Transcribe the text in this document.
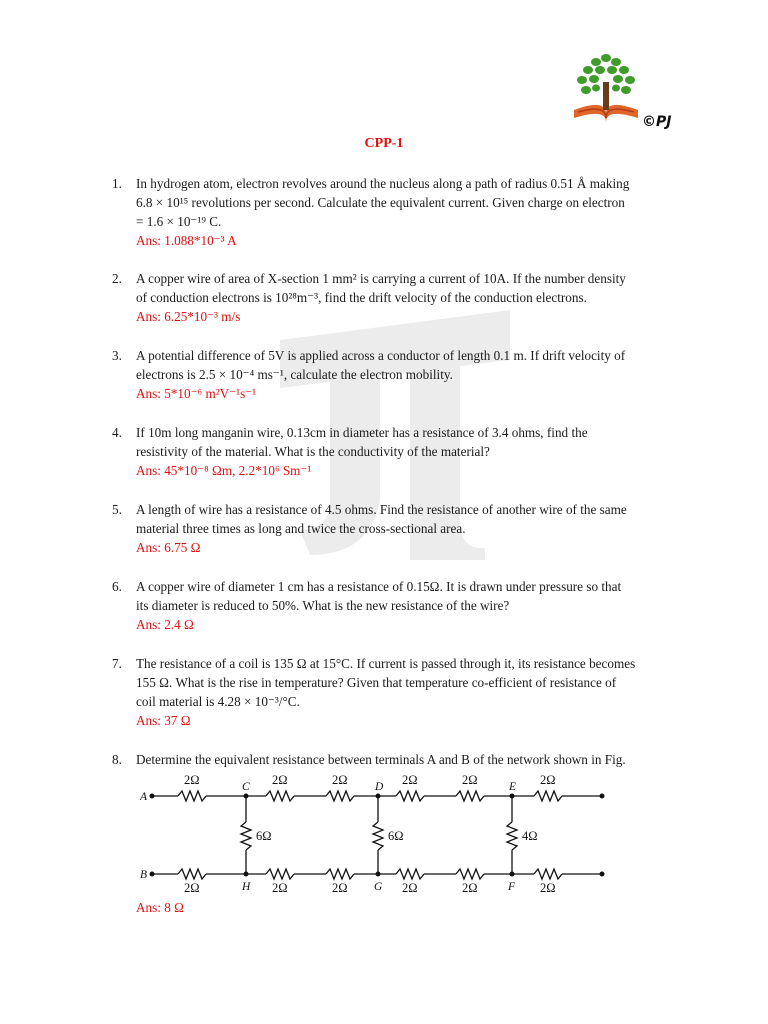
©PJ
CPP-1
1. In hydrogen atom, electron revolves around the nucleus along a path of radius 0.51 Å making
6.8 × 10¹⁵ revolutions per second. Calculate the equivalent current. Given charge on electron
= 1.6 × 10⁻¹⁹ C.
Ans: 1.088*10⁻³ A
2. A copper wire of area of X-section 1 mm² is carrying a current of 10A. If the number density
of conduction electrons is 10²⁸m⁻³, find the drift velocity of the conduction electrons.
Ans: 6.25*10⁻³ m/s
3. A potential difference of 5V is applied across a conductor of length 0.1 m. If drift velocity of
electrons is 2.5 × 10⁻⁴ ms⁻¹, calculate the electron mobility.
Ans: 5*10⁻⁶ m²V⁻¹s⁻¹
4. If 10m long manganin wire, 0.13cm in diameter has a resistance of 3.4 ohms, find the
resistivity of the material. What is the conductivity of the material?
Ans: 45*10⁻⁸ Ωm, 2.2*10⁶ Sm⁻¹
5. A length of wire has a resistance of 4.5 ohms. Find the resistance of another wire of the same
material three times as long and twice the cross-sectional area.
Ans: 6.75 Ω
6. A copper wire of diameter 1 cm has a resistance of 0.15Ω. It is drawn under pressure so that
its diameter is reduced to 50%. What is the new resistance of the wire?
Ans: 2.4 Ω
7. The resistance of a coil is 135 Ω at 15°C. If current is passed through it, its resistance becomes
155 Ω. What is the rise in temperature? Given that temperature co-efficient of resistance of
coil material is 4.28 × 10⁻³/°C.
Ans: 37 Ω
8. Determine the equivalent resistance between terminals A and B of the network shown in Fig.
2Ω	2Ω	2Ω	2Ω	2Ω	2Ω
2Ω	2Ω	2Ω	2Ω	2Ω	2Ω
6Ω	6Ω	4Ω
A
B
C	D	E
H	G	F
Ans: 8 Ω
